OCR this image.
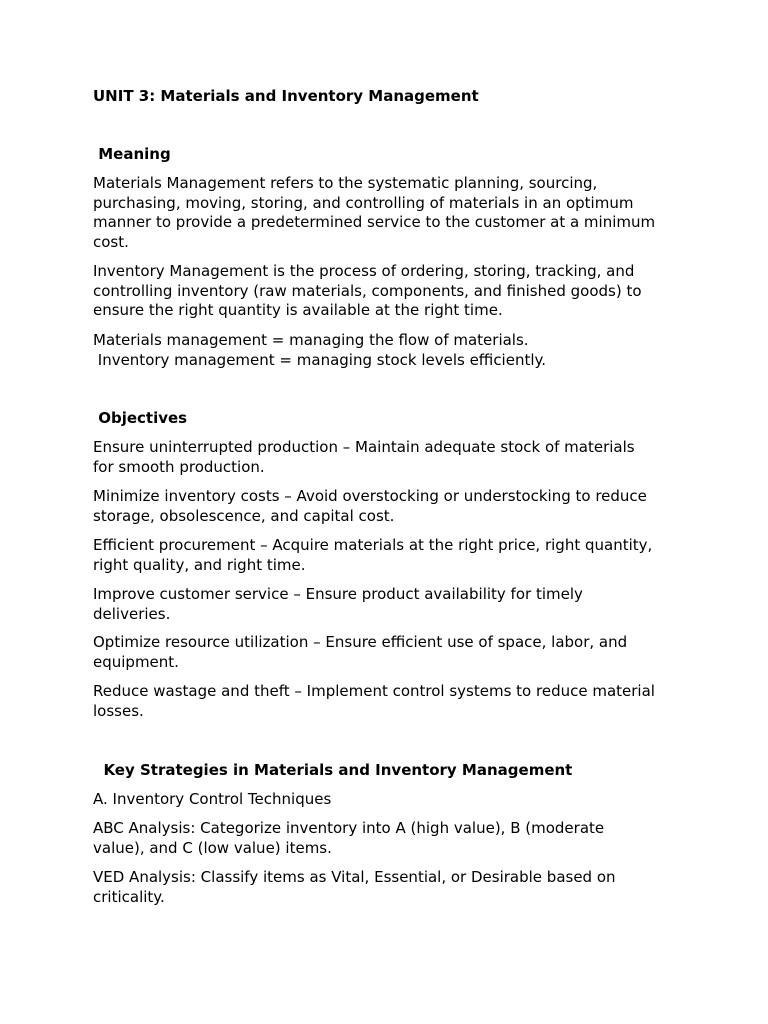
UNIT 3: Materials and Inventory Management
Meaning

Materials Management refers to the systematic planning, sourcing,
purchasing, moving, storing, and controlling of materials in an optimum
manner to provide a predetermined service to the customer at a minimum
cost.

Inventory Management is the process of ordering, storing, tracking, and
controlling inventory (raw materials, components, and finished goods) to
ensure the right quantity is available at the right time.

Materials management = managing the flow of materials.
Inventory management = managing stock levels efficiently.

Objectives

Ensure uninterrupted production – Maintain adequate stock of materials
for smooth production.

Minimize inventory costs – Avoid overstocking or understocking to reduce
storage, obsolescence, and capital cost.

Efficient procurement – Acquire materials at the right price, right quantity,
right quality, and right time.

Improve customer service – Ensure product availability for timely
deliveries.

Optimize resource utilization – Ensure efficient use of space, labor, and
equipment.

Reduce wastage and theft – Implement control systems to reduce material
losses.

Key Strategies in Materials and Inventory Management

A. Inventory Control Techniques

ABC Analysis: Categorize inventory into A (high value), B (moderate
value), and C (low value) items.

VED Analysis: Classify items as Vital, Essential, or Desirable based on
criticality.
